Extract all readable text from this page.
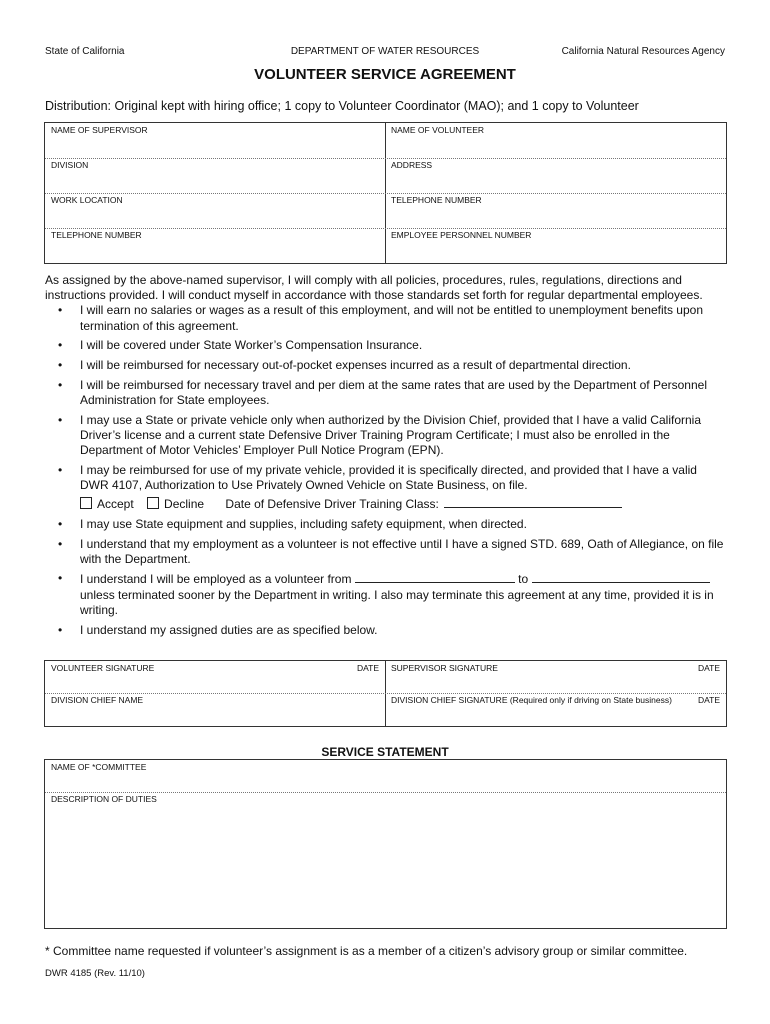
State of California	DEPARTMENT OF WATER RESOURCES	California Natural Resources Agency
VOLUNTEER SERVICE AGREEMENT
Distribution: Original kept with hiring office; 1 copy to Volunteer Coordinator (MAO); and 1 copy to Volunteer
NAME OF SUPERVISOR	NAME OF VOLUNTEER
DIVISION	ADDRESS
WORK LOCATION	TELEPHONE NUMBER
TELEPHONE NUMBER	EMPLOYEE PERSONNEL NUMBER

As assigned by the above-named supervisor, I will comply with all policies, procedures, rules, regulations, directions and instructions provided. I will conduct myself in accordance with those standards set forth for regular departmental employees.

• I will earn no salaries or wages as a result of this employment, and will not be entitled to unemployment benefits upon termination of this agreement.
• I will be covered under State Worker’s Compensation Insurance.
• I will be reimbursed for necessary out-of-pocket expenses incurred as a result of departmental direction.
• I will be reimbursed for necessary travel and per diem at the same rates that are used by the Department of Personnel Administration for State employees.
• I may use a State or private vehicle only when authorized by the Division Chief, provided that I have a valid California Driver’s license and a current state Defensive Driver Training Program Certificate; I must also be enrolled in the Department of Motor Vehicles’ Employer Pull Notice Program (EPN).
• I may be reimbursed for use of my private vehicle, provided it is specifically directed, and provided that I have a valid DWR 4107, Authorization to Use Privately Owned Vehicle on State Business, on file.
Accept	Decline Date of Defensive Driver Training Class:
• I may use State equipment and supplies, including safety equipment, when directed.
• I understand that my employment as a volunteer is not effective until I have a signed STD. 689, Oath of Allegiance, on file with the Department.
• I understand I will be employed as a volunteer from	to  unless terminated sooner by the Department in writing. I also may terminate this agreement at any time, provided it is in writing.
• I understand my assigned duties are as specified below.
VOLUNTEER SIGNATURE	DATE	SUPERVISOR SIGNATURE	DATE
DIVISION CHIEF NAME	DIVISION CHIEF SIGNATURE (Required only if driving on State business)	DATE
SERVICE STATEMENT
NAME OF *COMMITTEE
DESCRIPTION OF DUTIES
* Committee name requested if volunteer’s assignment is as a member of a citizen’s advisory group or similar committee.
DWR 4185 (Rev. 11/10)
